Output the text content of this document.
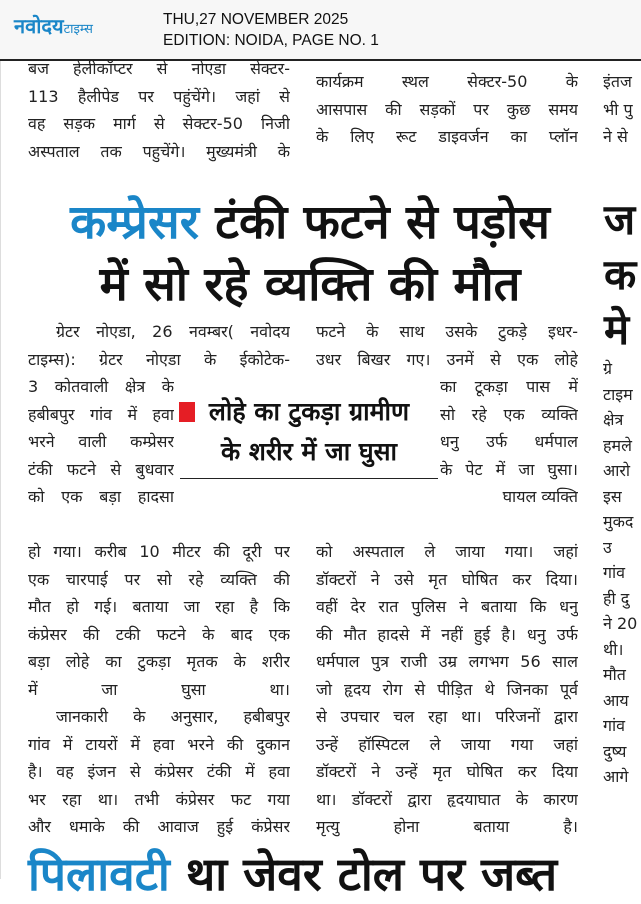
नवोदयटाइम्स
THU,27 NOVEMBER 2025
EDITION: NOIDA, PAGE NO. 1
बज हेलीकॉप्टर से नोएडा सेक्टर-
113 हैलीपेड पर पहुंचेंगे। जहां से
वह सड़क मार्ग से सेक्टर-50 निजी
अस्पताल तक पहुचेंगे। मुख्यमंत्री के
कार्यक्रम स्थल सेक्टर-50 के
आसपास की सड़कों पर कुछ समय
के लिए रूट डाइवर्जन का प्लॉन
इंतज
भी पु
ने से
कम्प्रेसर टंकी फटने से पड़ोस
में सो रहे व्यक्ति की मौत
ज
क
मे
ग्रेटर नोएडा, 26 नवम्बर( नवोदय
टाइम्स): ग्रेटर नोएडा के ईकोटेक-
3 कोतवाली क्षेत्र के
हबीबपुर गांव में हवा
भरने वाली कम्प्रेसर
टंकी फटने से बुधवार
को एक बड़ा हादसा
हो गया। करीब 10 मीटर की दूरी पर
एक चारपाई पर सो रहे व्यक्ति की
मौत हो गई। बताया जा रहा है कि
कंप्रेसर की टकी फटने के बाद एक
बड़ा लोहे का टुकड़ा मृतक के शरीर
में जा घुसा था।
जानकारी के अनुसार, हबीबपुर
गांव में टायरों में हवा भरने की दुकान
है। वह इंजन से कंप्रेसर टंकी में हवा
भर रहा था। तभी कंप्रेसर फट गया
और धमाके की आवाज हुई कंप्रेसर
लोहे का टुकड़ा ग्रामीण
के शरीर में जा घुसा
फटने के साथ उसके टुकड़े इधर-
उधर बिखर गए। उनमें से एक लोहे
का टूकड़ा पास में
सो रहे एक व्यक्ति
धनु उर्फ धर्मपाल
के पेट में जा घुसा।
घायल व्यक्ति
को अस्पताल ले जाया गया। जहां
डॉक्टरों ने उसे मृत घोषित कर दिया।
वहीं देर रात पुलिस ने बताया कि धनु
की मौत हादसे में नहीं हुई है। धनु उर्फ
धर्मपाल पुत्र राजी उम्र लगभग 56 साल
जो हृदय रोग से पीड़ित थे जिनका पूर्व
से उपचार चल रहा था। परिजनों द्वारा
उन्हें हॉस्पिटल ले जाया गया जहां
डॉक्टरों ने उन्हें मृत घोषित कर दिया
था। डॉक्टरों द्वारा हृदयाघात के कारण
मृत्यु होना बताया है।
ग्रे
टाइम
क्षेत्र
हमले
आरो
इस
मुकद
उ
गांव
ही दु
ने 20
थी।
मौत
आय
गांव
दुष्य
आगे
पिलावटी था जेवर टोल पर जब्त
